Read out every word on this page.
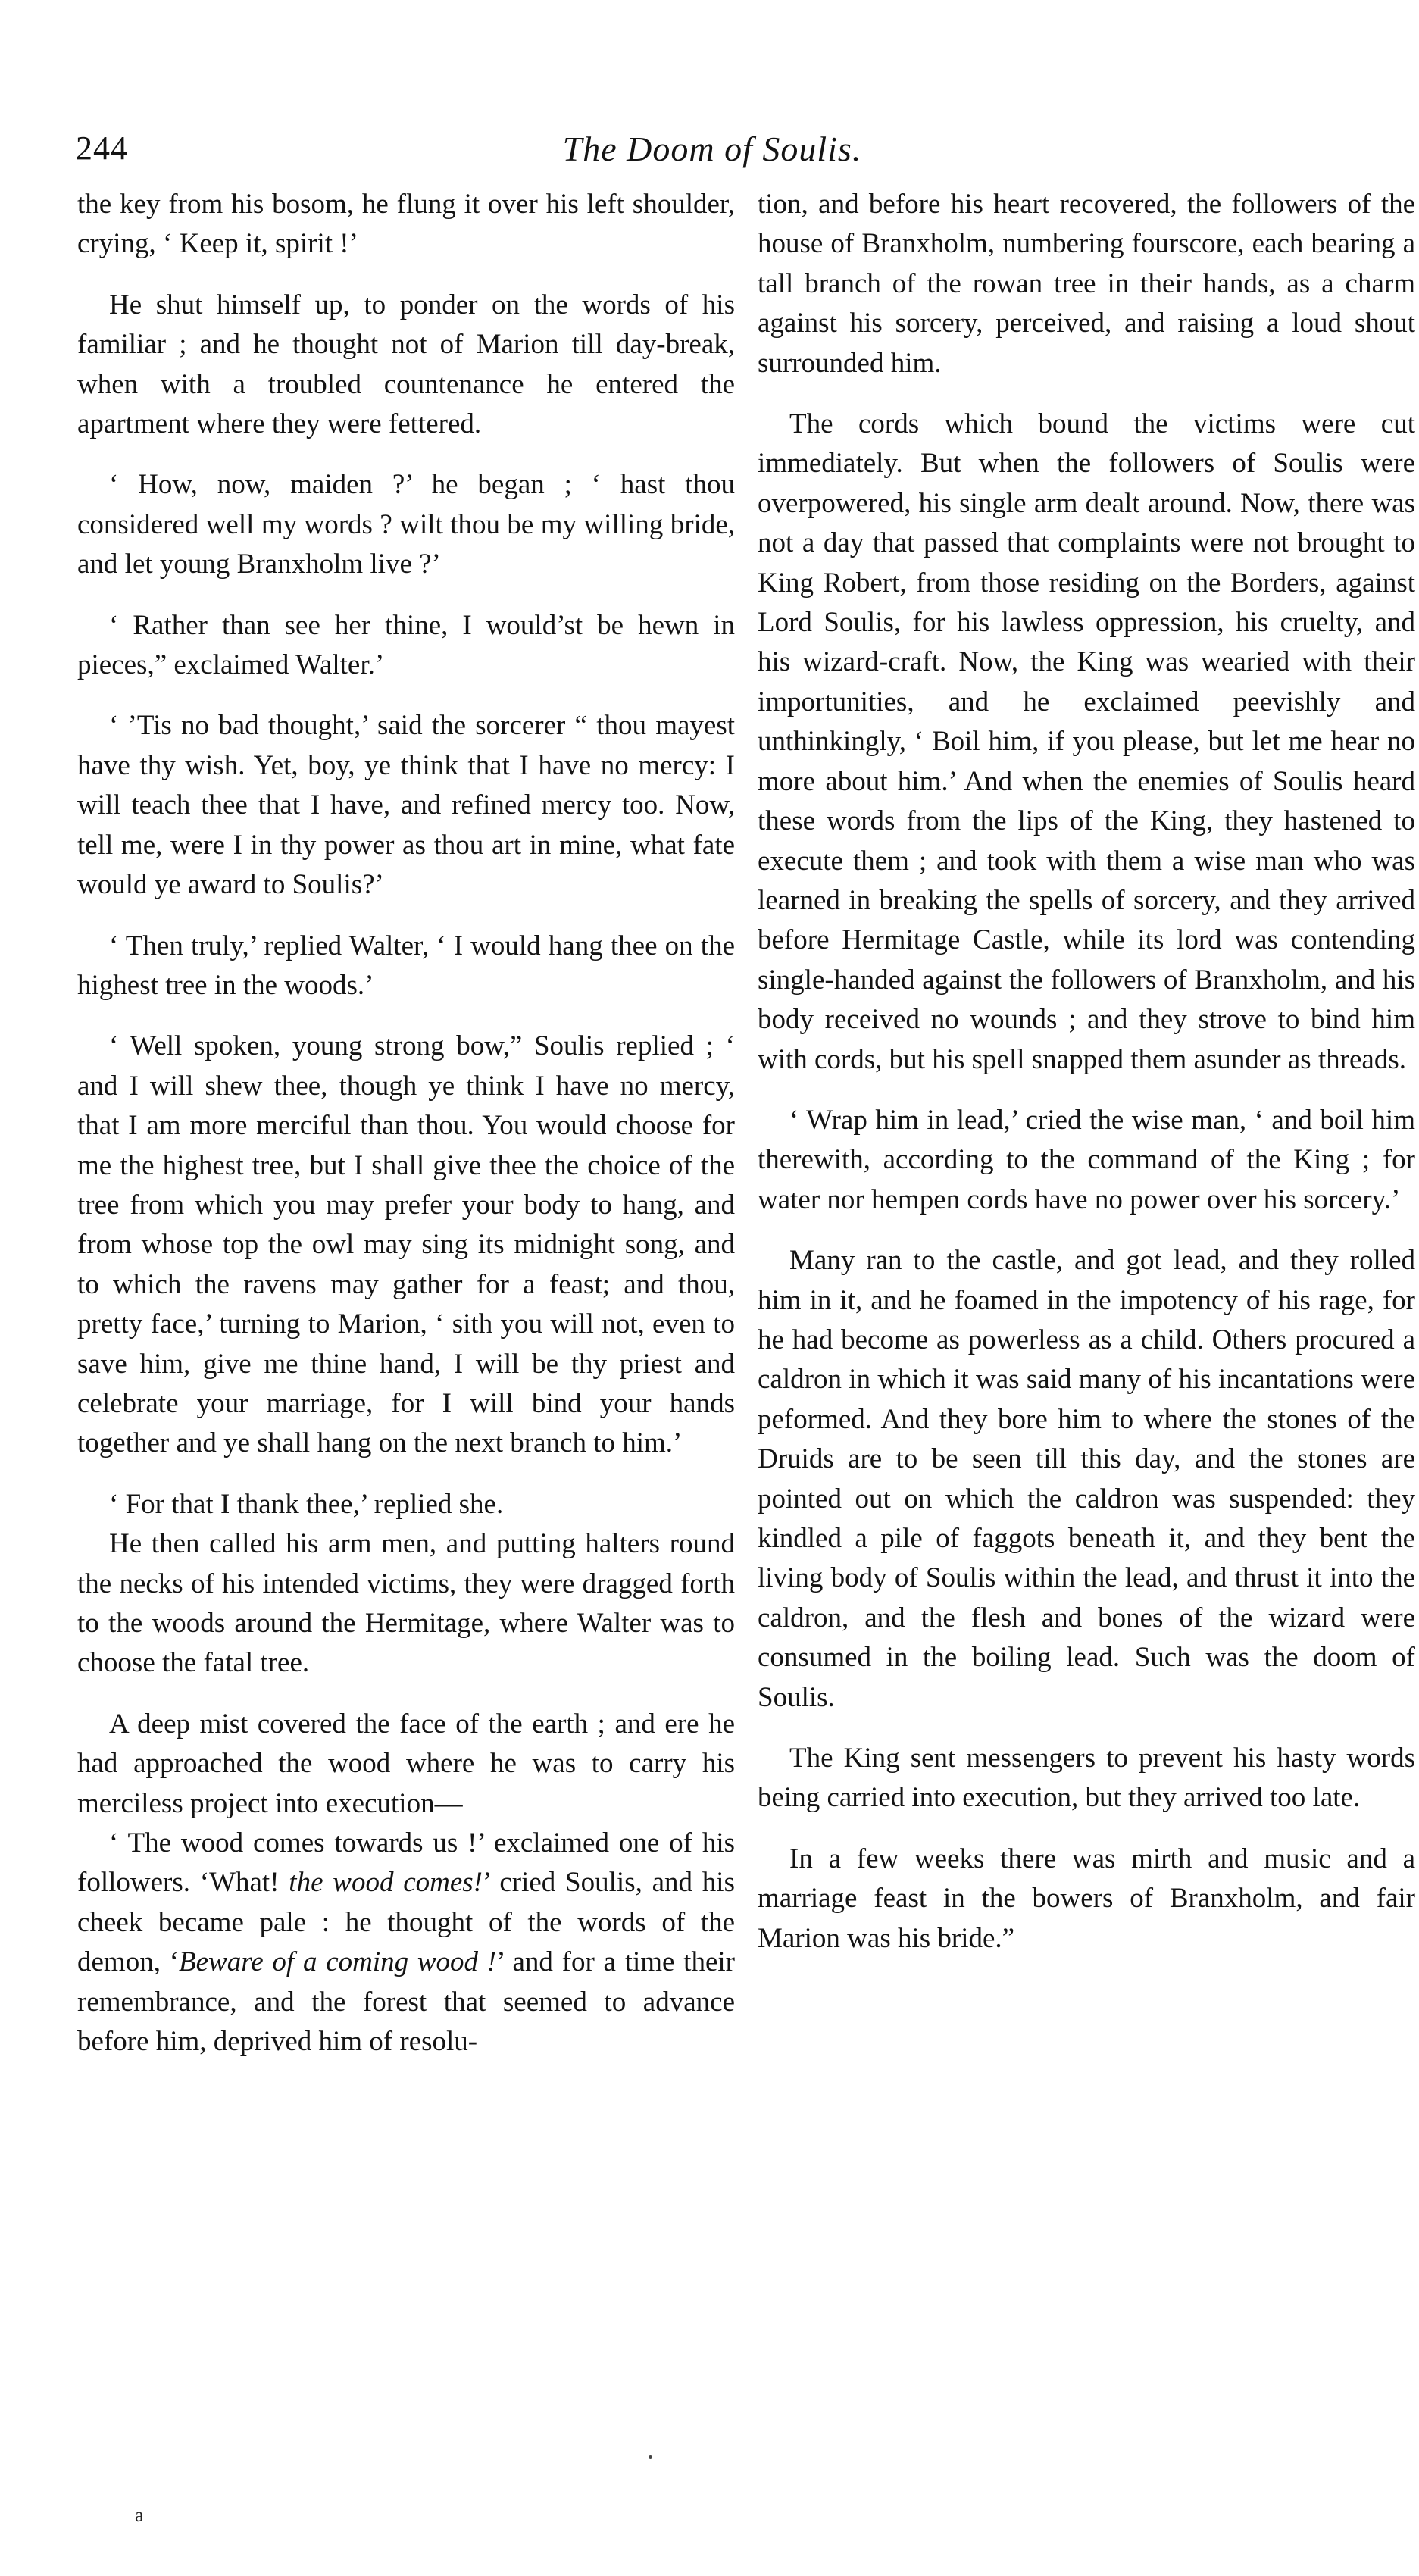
244	The Doom of Soulis.

the key from his bosom, he flung it over his left shoulder, crying, ‘ Keep it, spirit !’

He shut himself up, to ponder on the words of his familiar ; and he thought not of Marion till day-break, when with a troubled countenance he entered the apartment where they were fettered.

‘ How, now, maiden ?’ he began ; ‘ hast thou considered well my words ? wilt thou be my willing bride, and let young Branxholm live ?’

‘ Rather than see her thine, I would’st be hewn in pieces,” exclaimed Walter.’

‘ ’Tis no bad thought,’ said the sorcerer “ thou mayest have thy wish. Yet, boy, ye think that I have no mercy: I will teach thee that I have, and refined mercy too. Now, tell me, were I in thy power as thou art in mine, what fate would ye award to Soulis?’

‘ Then truly,’ replied Walter, ‘ I would hang thee on the highest tree in the woods.’

‘ Well spoken, young strong bow,” Soulis replied ; ‘ and I will shew thee, though ye think I have no mercy, that I am more merciful than thou. You would choose for me the highest tree, but I shall give thee the choice of the tree from which you may prefer your body to hang, and from whose top the owl may sing its midnight song, and to which the ravens may gather for a feast; and thou, pretty face,’ turning to Marion, ‘ sith you will not, even to save him, give me thine hand, I will be thy priest and celebrate your marriage, for I will bind your hands together and ye shall hang on the next branch to him.’

‘ For that I thank thee,’ replied she.

He then called his arm men, and putting halters round the necks of his intended victims, they were dragged forth to the woods around the Hermitage, where Walter was to choose the fatal tree.

A deep mist covered the face of the earth ; and ere he had approached the wood where he was to carry his merciless project into execution—

‘ The wood comes towards us !’ exclaimed one of his followers. ‘What! the wood comes!’ cried Soulis, and his cheek became pale : he thought of the words of the demon, ‘Beware of a coming wood !’ and for a time their remembrance, and the forest that seemed to advance before him, deprived him of resolu-

tion, and before his heart recovered, the followers of the house of Branxholm, numbering fourscore, each bearing a tall branch of the rowan tree in their hands, as a charm against his sorcery, perceived, and raising a loud shout surrounded him.

The cords which bound the victims were cut immediately. But when the followers of Soulis were overpowered, his single arm dealt around. Now, there was not a day that passed that complaints were not brought to King Robert, from those residing on the Borders, against Lord Soulis, for his lawless oppression, his cruelty, and his wizard-craft. Now, the King was wearied with their importunities, and he exclaimed peevishly and unthinkingly, ‘ Boil him, if you please, but let me hear no more about him.’ And when the enemies of Soulis heard these words from the lips of the King, they hastened to execute them ; and took with them a wise man who was learned in breaking the spells of sorcery, and they arrived before Hermitage Castle, while its lord was contending single-handed against the followers of Branxholm, and his body received no wounds ; and they strove to bind him with cords, but his spell snapped them asunder as threads.

‘ Wrap him in lead,’ cried the wise man, ‘ and boil him therewith, according to the command of the King ; for water nor hempen cords have no power over his sorcery.’

Many ran to the castle, and got lead, and they rolled him in it, and he foamed in the impotency of his rage, for he had become as powerless as a child. Others procured a caldron in which it was said many of his incantations were peformed. And they bore him to where the stones of the Druids are to be seen till this day, and the stones are pointed out on which the caldron was suspended: they kindled a pile of faggots beneath it, and they bent the living body of Soulis within the lead, and thrust it into the caldron, and the flesh and bones of the wizard were consumed in the boiling lead. Such was the doom of Soulis.

The King sent messengers to prevent his hasty words being carried into execution, but they arrived too late.

In a few weeks there was mirth and music and a marriage feast in the bowers of Branxholm, and fair Marion was his bride.”

a
